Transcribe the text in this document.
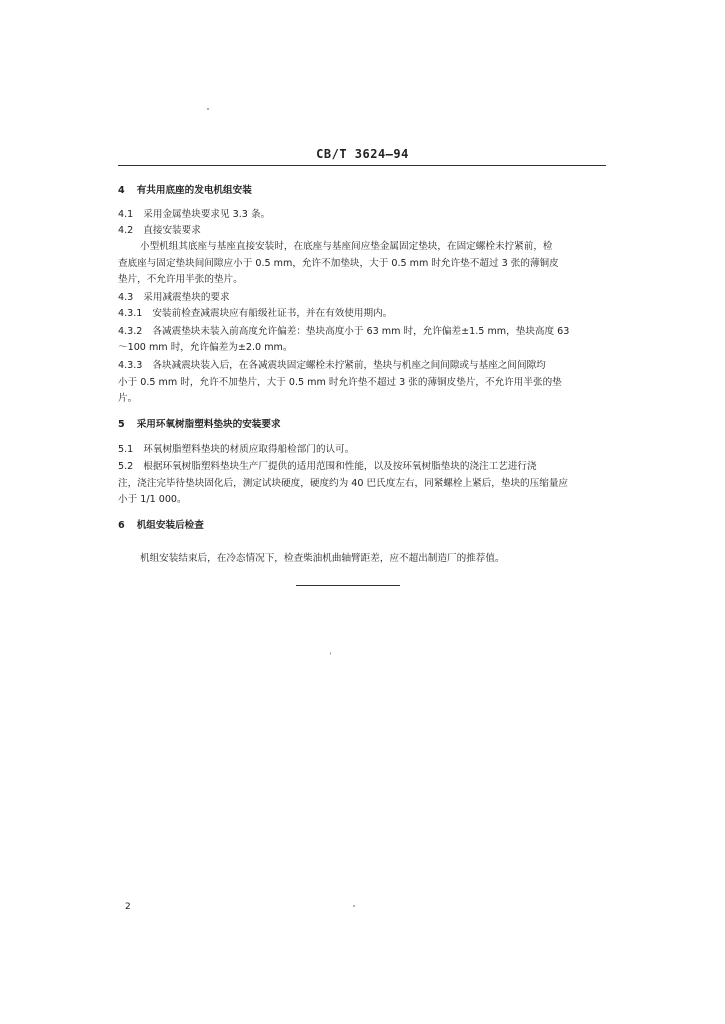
CB/T 3624—94
4 有共用底座的发电机组安装
4.1 采用金属垫块要求见 3.3 条。
4.2 直接安装要求
小型机组其底座与基座直接安装时，在底座与基座间应垫金属固定垫块，在固定螺栓未拧紧前，检
查底座与固定垫块间间隙应小于 0.5 mm，允许不加垫块，大于 0.5 mm 时允许垫不超过 3 张的薄铜皮
垫片，不允许用半张的垫片。
4.3 采用减震垫块的要求
4.3.1 安装前检查减震块应有船级社证书，并在有效使用期内。
4.3.2 各减震垫块未装入前高度允许偏差：垫块高度小于 63 mm 时，允许偏差±1.5 mm，垫块高度 63
～100 mm 时，允许偏差为±2.0 mm。
4.3.3 各块减震块装入后，在各减震块固定螺栓未拧紧前，垫块与机座之间间隙或与基座之间间隙均
小于 0.5 mm 时，允许不加垫片，大于 0.5 mm 时允许垫不超过 3 张的薄铜皮垫片，不允许用半张的垫
片。
5 采用环氧树脂塑料垫块的安装要求
5.1 环氧树脂塑料垫块的材质应取得船检部门的认可。
5.2 根据环氧树脂塑料垫块生产厂提供的适用范围和性能，以及按环氧树脂垫块的浇注工艺进行浇
注，浇注完毕待垫块固化后，测定试块硬度，硬度约为 40 巴氏度左右，同紧螺栓上紧后，垫块的压缩量应
小于 1/1 000。
6 机组安装后检查
机组安装结束后，在冷态情况下，检查柴油机曲轴臂距差，应不超出制造厂的推荐值。
2
